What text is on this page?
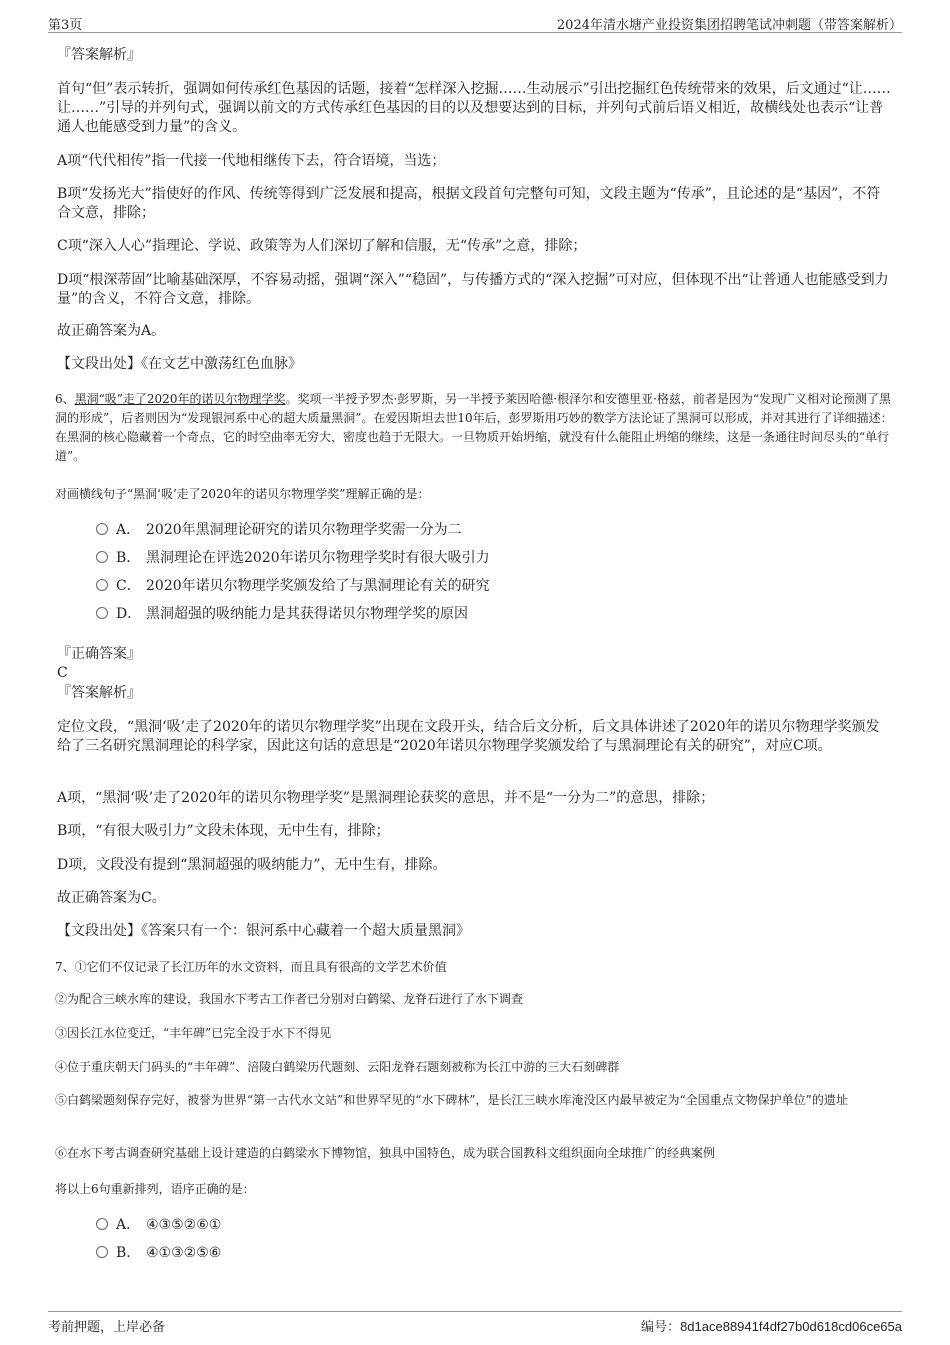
第3页	2024年清水塘产业投资集团招聘笔试冲刺题（带答案解析）

『答案解析』

首句“但”表示转折，强调如何传承红色基因的话题，接着“怎样深入挖掘……生动展示”引出挖掘红色传统带来的效果，后文通过“让……让……”引导的并列句式，强调以前文的方式传承红色基因的目的以及想要达到的目标，并列句式前后语义相近，故横线处也表示“让普通人也能感受到力量”的含义。

A项“代代相传”指一代接一代地相继传下去，符合语境，当选；

B项“发扬光大”指使好的作风、传统等得到广泛发展和提高，根据文段首句完整句可知，文段主题为“传承”，且论述的是“基因”，不符合文意，排除；

C项“深入人心”指理论、学说、政策等为人们深切了解和信服，无“传承”之意，排除；

D项“根深蒂固”比喻基础深厚，不容易动摇，强调“深入”“稳固”，与传播方式的“深入挖掘”可对应，但体现不出“让普通人也能感受到力量”的含义，不符合文意，排除。

故正确答案为A。

【文段出处】《在文艺中激荡红色血脉》

6、黑洞“吸”走了2020年的诺贝尔物理学奖。奖项一半授予罗杰·彭罗斯，另一半授予莱因哈德·根泽尔和安德里亚·格兹，前者是因为“发现广义相对论预测了黑洞的形成”，后者则因为“发现银河系中心的超大质量黑洞”。在爱因斯坦去世10年后，彭罗斯用巧妙的数学方法论证了黑洞可以形成，并对其进行了详细描述：在黑洞的核心隐藏着一个奇点，它的时空曲率无穷大，密度也趋于无限大。一旦物质开始坍缩，就没有什么能阻止坍缩的继续，这是一条通往时间尽头的“单行道”。

对画横线句子“黑洞‘吸’走了2020年的诺贝尔物理学奖”理解正确的是：

A． 2020年黑洞理论研究的诺贝尔物理学奖需一分为二
B． 黑洞理论在评选2020年诺贝尔物理学奖时有很大吸引力
C． 2020年诺贝尔物理学奖颁发给了与黑洞理论有关的研究
D． 黑洞超强的吸纳能力是其获得诺贝尔物理学奖的原因

『正确答案』

C

『答案解析』

定位文段，“黑洞‘吸’走了2020年的诺贝尔物理学奖”出现在文段开头，结合后文分析，后文具体讲述了2020年的诺贝尔物理学奖颁发给了三名研究黑洞理论的科学家，因此这句话的意思是“2020年诺贝尔物理学奖颁发给了与黑洞理论有关的研究”，对应C项。

A项，“黑洞‘吸’走了2020年的诺贝尔物理学奖”是黑洞理论获奖的意思，并不是“一分为二”的意思，排除；

B项，“有很大吸引力”文段未体现，无中生有，排除；

D项，文段没有提到“黑洞超强的吸纳能力”，无中生有，排除。

故正确答案为C。

【文段出处】《答案只有一个：银河系中心藏着一个超大质量黑洞》

7、①它们不仅记录了长江历年的水文资料，而且具有很高的文学艺术价值

②为配合三峡水库的建设，我国水下考古工作者已分别对白鹤梁、龙脊石进行了水下调查

③因长江水位变迁，“丰年碑”已完全没于水下不得见

④位于重庆朝天门码头的“丰年碑”、涪陵白鹤梁历代题刻、云阳龙脊石题刻被称为长江中游的三大石刻碑群

⑤白鹤梁题刻保存完好，被誉为世界“第一古代水文站”和世界罕见的“水下碑林”，是长江三峡水库淹没区内最早被定为“全国重点文物保护单位”的遗址

⑥在水下考古调查研究基础上设计建造的白鹤梁水下博物馆，独具中国特色，成为联合国教科文组织面向全球推广的经典案例

将以上6句重新排列，语序正确的是：

A． ④③⑤②⑥①
B． ④①③②⑤⑥
考前押题，上岸必备	编号：8d1ace88941f4df27b0d618cd06ce65a
